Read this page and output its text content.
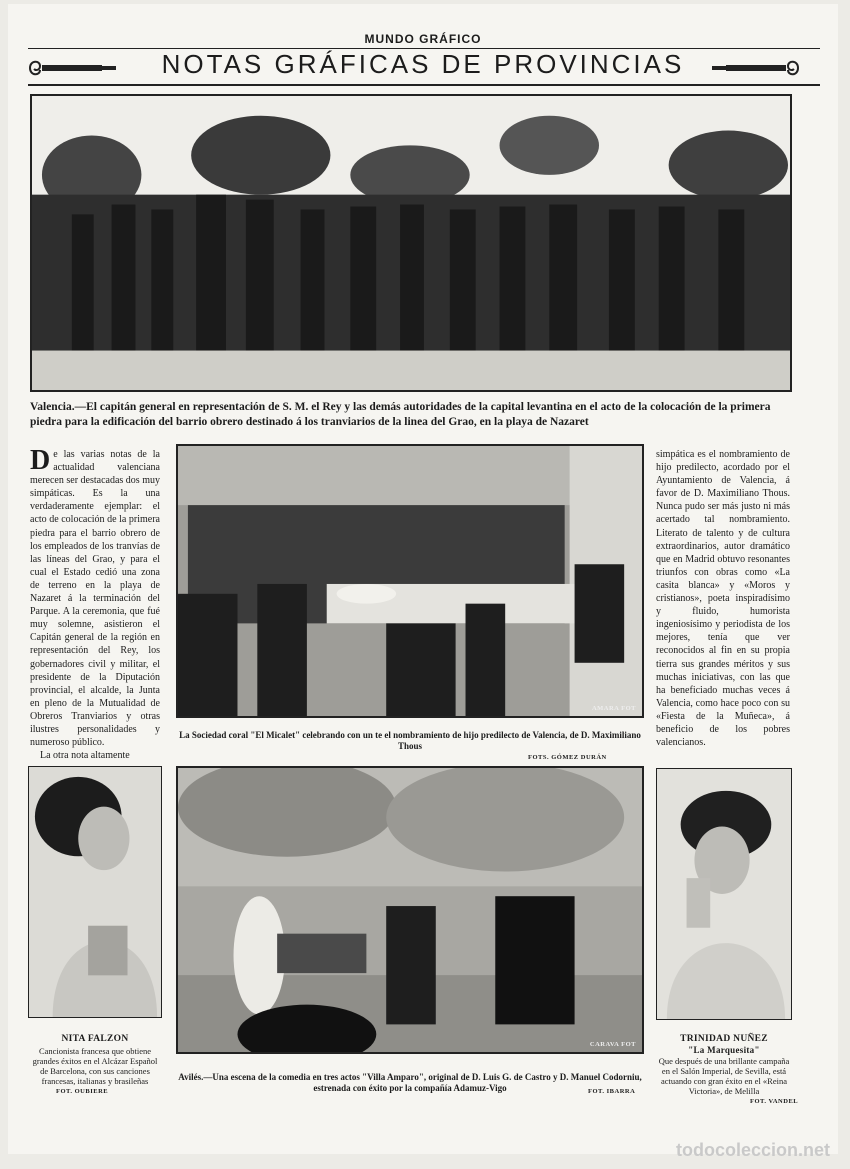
MUNDO GRÁFICO
NOTAS GRÁFICAS DE PROVINCIAS
Valencia.—El capitán general en representación de S. M. el Rey y las demás autoridades de la capital levantina en el acto de la colocación de la primera piedra para la edificación del barrio obrero destinado á los tranviarios de la linea del Grao, en la playa de Nazaret
De las varias notas de la actualidad valenciana merecen ser destacadas dos muy simpáticas. Es la una verdaderamente ejemplar: el acto de colocación de la primera piedra para el barrio obrero de los empleados de los tranvías de las líneas del Grao, y para el cual el Estado cedió una zona de terreno en la playa de Nazaret á la terminación del Parque. A la ceremonia, que fué muy solemne, asistieron el Capitán general de la región en representación del Rey, los gobernadores civil y militar, el presidente de la Diputación provincial, el alcalde, la Junta en pleno de la Mutualidad de Obreros Tranviarios y otras ilustres personalidades y numeroso público.
La otra nota altamente
AMARA FOT
La Sociedad coral "El Micalet" celebrando con un te el nombramiento de hijo predilecto de Valencia, de D. Maximiliano Thous
FOTS. GÓMEZ DURÁN
simpática es el nombramiento de hijo predilecto, acordado por el Ayuntamiento de Valencia, á favor de D. Maximiliano Thous. Nunca pudo ser más justo ni más acertado tal nombramiento. Literato de talento y de cultura extraordinarios, autor dramático que en Madrid obtuvo resonantes triunfos con obras como «La casita blanca» y «Moros y cristianos», poeta inspiradísimo y fluido, humorista ingeniosísimo y periodista de los mejores, tenía que ver reconocidos al fin en su propia tierra sus grandes méritos y sus muchas iniciativas, con las que ha beneficiado muchas veces á Valencia, como hace poco con su «Fiesta de la Muñeca», á beneficio de los pobres valencianos.
NITA FALZON
Cancionista francesa que obtiene grandes éxitos en el Alcázar Español de Barcelona, con sus canciones francesas, italianas y brasileñas
FOT. OUBIERE
CARAVA FOT
Avilés.—Una escena de la comedia en tres actos "Villa Amparo", original de D. Luis G. de Castro y D. Manuel Codorniu, estrenada con éxito por la compañía Adamuz-Vigo	FOT. IBARRA
TRINIDAD NUÑEZ
"La Marquesita"
Que después de una brillante campaña en el Salón Imperial, de Sevilla, está actuando con gran éxito en el «Reina Victoria», de Melilla
FOT. VANDEL
todocoleccion.net
